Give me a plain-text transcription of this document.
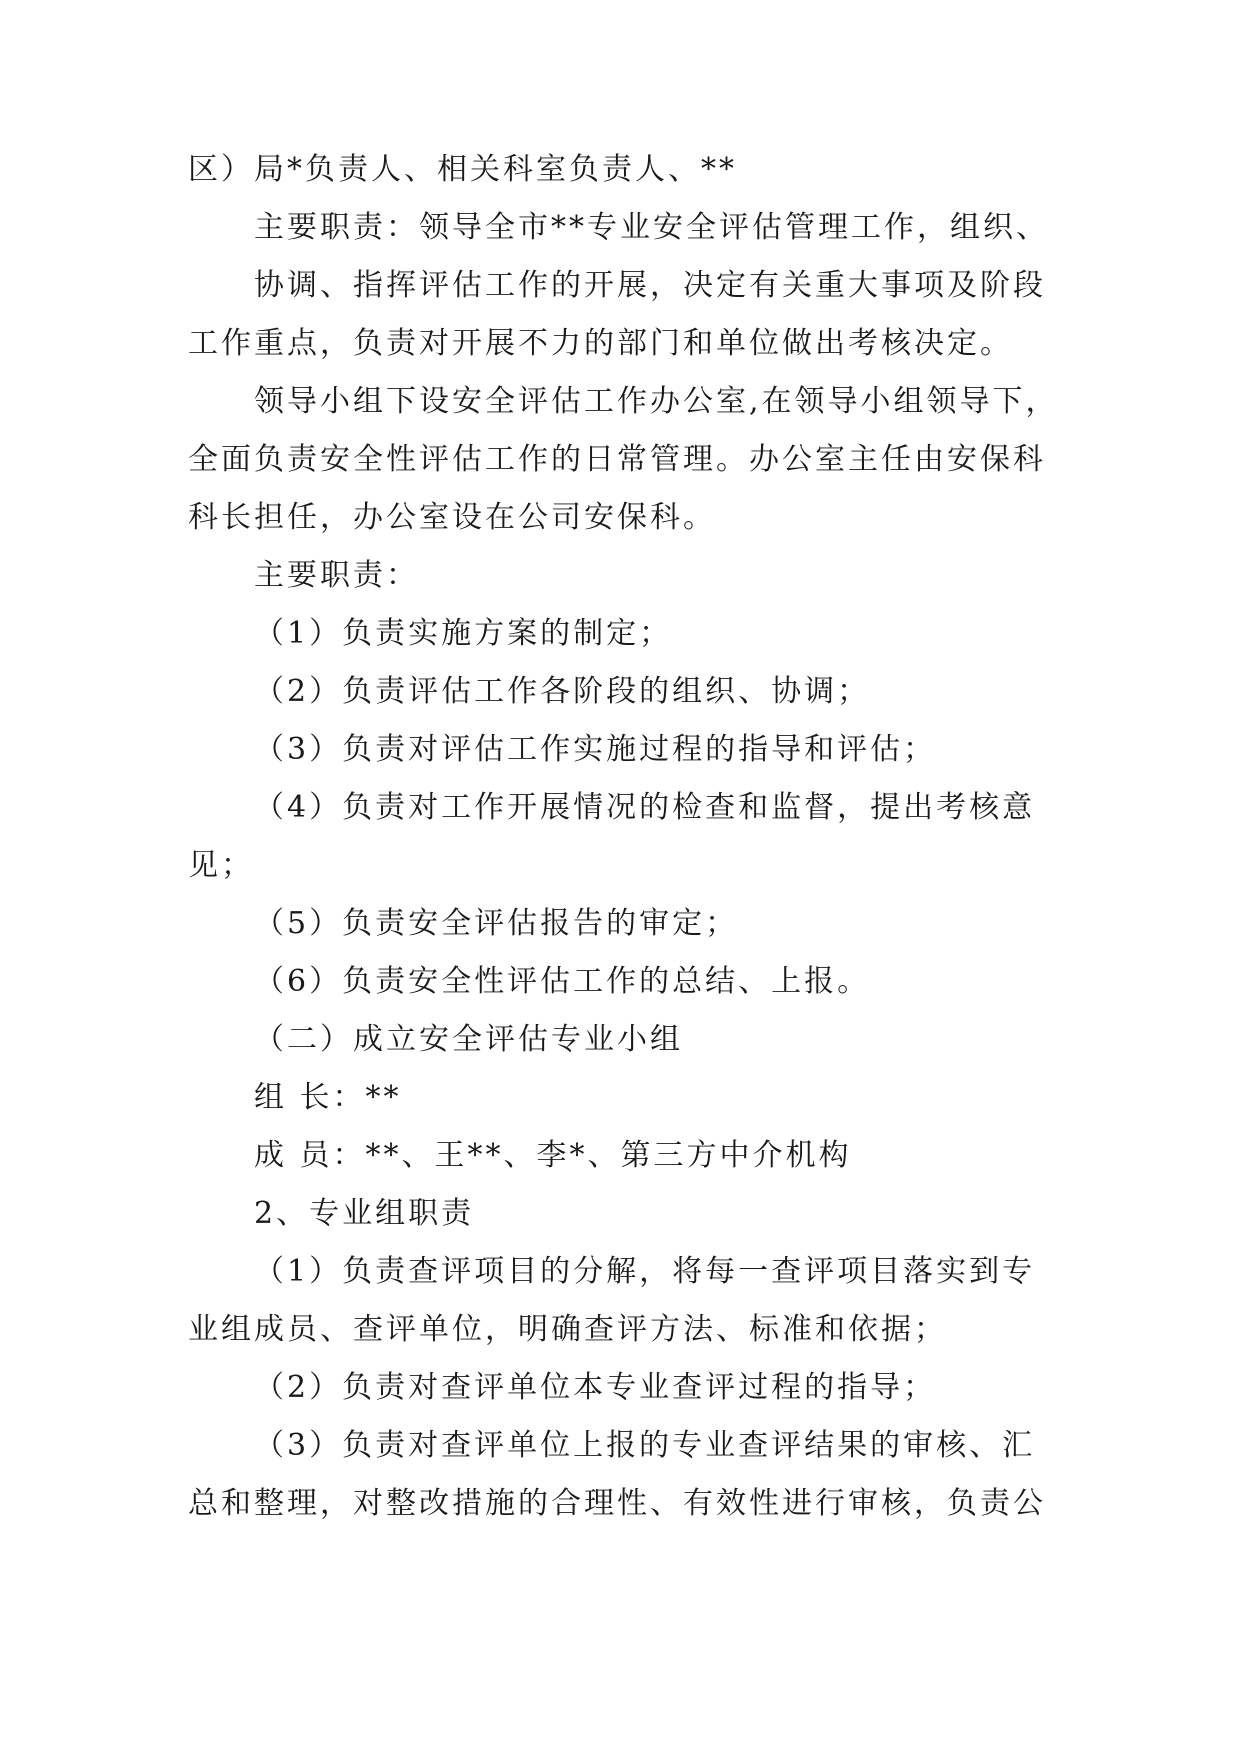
区）局*负责人、相关科室负责人、**
主要职责：领导全市**专业安全评估管理工作，组织、
协调、指挥评估工作的开展，决定有关重大事项及阶段
工作重点，负责对开展不力的部门和单位做出考核决定。
领导小组下设安全评估工作办公室,在领导小组领导下，
全面负责安全性评估工作的日常管理。办公室主任由安保科
科长担任，办公室设在公司安保科。
主要职责：
（1）负责实施方案的制定；
（2）负责评估工作各阶段的组织、协调；
（3）负责对评估工作实施过程的指导和评估；
（4）负责对工作开展情况的检查和监督，提出考核意
见；
（5）负责安全评估报告的审定；
（6）负责安全性评估工作的总结、上报。
（二）成立安全评估专业小组
组 长：**
成 员：**、王**、李*、第三方中介机构
2、专业组职责
（1）负责查评项目的分解，将每一查评项目落实到专
业组成员、查评单位，明确查评方法、标准和依据；
（2）负责对查评单位本专业查评过程的指导；
（3）负责对查评单位上报的专业查评结果的审核、汇
总和整理，对整改措施的合理性、有效性进行审核，负责公
